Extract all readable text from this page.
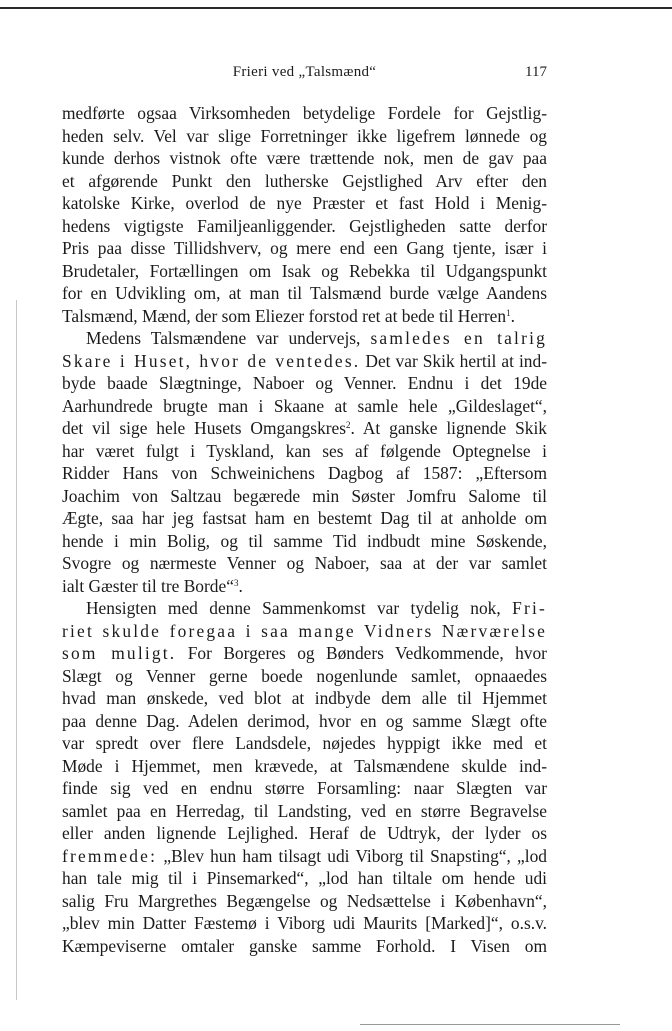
Frieri ved „Talsmænd“	117
medførte ogsaa Virksomheden betydelige Fordele for Gejstlig-
heden selv. Vel var slige Forretninger ikke ligefrem lønnede og
kunde derhos vistnok ofte være trættende nok, men de gav paa
et afgørende Punkt den lutherske Gejstlighed Arv efter den
katolske Kirke, overlod de nye Præster et fast Hold i Menig-
hedens vigtigste Familjeanliggender. Gejstligheden satte derfor
Pris paa disse Tillidshverv, og mere end een Gang tjente, især i
Brudetaler, Fortællingen om Isak og Rebekka til Udgangspunkt
for en Udvikling om, at man til Talsmænd burde vælge Aandens
Talsmænd, Mænd, der som Eliezer forstod ret at bede til Herren$^1$.
Medens Talsmændene var undervejs, samledes en talrig
Skare i Huset, hvor de ventedes. Det var Skik hertil at ind-
byde baade Slægtninge, Naboer og Venner. Endnu i det 19de
Aarhundrede brugte man i Skaane at samle hele „Gildeslaget“,
det vil sige hele Husets Omgangskres$^2$. At ganske lignende Skik
har været fulgt i Tyskland, kan ses af følgende Optegnelse i
Ridder Hans von Schweinichens Dagbog af 1587: „Eftersom
Joachim von Saltzau begærede min Søster Jomfru Salome til
Ægte, saa har jeg fastsat ham en bestemt Dag til at anholde om
hende i min Bolig, og til samme Tid indbudt mine Søskende,
Svogre og nærmeste Venner og Naboer, saa at der var samlet
ialt Gæster til tre Borde“$^3$.
Hensigten med denne Sammenkomst var tydelig nok, Fri-
riet skulde foregaa i saa mange Vidners Nærværelse
som muligt. For Borgeres og Bønders Vedkommende, hvor
Slægt og Venner gerne boede nogenlunde samlet, opnaaedes
hvad man ønskede, ved blot at indbyde dem alle til Hjemmet
paa denne Dag. Adelen derimod, hvor en og samme Slægt ofte
var spredt over flere Landsdele, nøjedes hyppigt ikke med et
Møde i Hjemmet, men krævede, at Talsmændene skulde ind-
finde sig ved en endnu større Forsamling: naar Slægten var
samlet paa en Herredag, til Landsting, ved en større Begravelse
eller anden lignende Lejlighed. Heraf de Udtryk, der lyder os
fremmede: „Blev hun ham tilsagt udi Viborg til Snapsting“, „lod
han tale mig til i Pinsemarked“, „lod han tiltale om hende udi
salig Fru Margrethes Begængelse og Nedsættelse i København“,
„blev min Datter Fæstemø i Viborg udi Maurits [Marked]“, o.s.v.
Kæmpeviserne omtaler ganske samme Forhold. I Visen om
